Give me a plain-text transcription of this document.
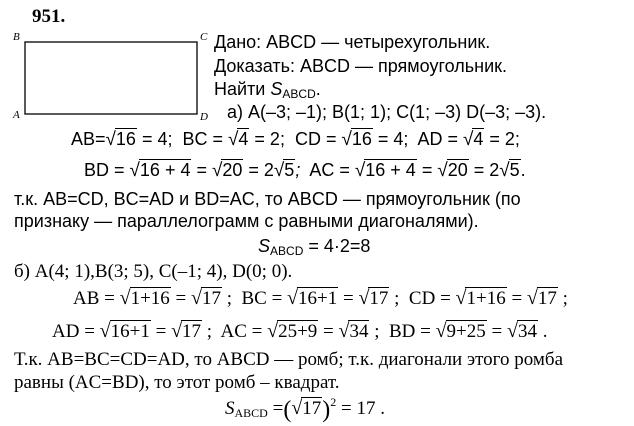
951.
B	C
A	D
Дано: ABCD — четырехугольник.
Доказать: ABCD — прямоугольник.
Найти $S_{ABCD}$.
а) A(–3; –1); B(1; 1); C(1; –3) D(–3; –3).
AB=√16 = 4; BC = √4 = 2; CD = √16 = 4; AD = √4 = 2;
BD = √16 + 4 = √20 = 2√5; AC = √16 + 4 = √20 = 2√5.
т.к. AB=CD, BC=AD и BD=AC, то ABCD — прямоугольник (по
признаку — параллелограмм с равными диагоналями).
SABCD = 4·2=8
б) A(4; 1),B(3; 5), C(–1; 4), D(0; 0).
AB = √1+16 = √17 ; BC = √16+1 = √17 ; CD = √1+16 = √17 ;
AD = √16+1 = √17 ; AC = √25+9 = √34 ; BD = √9+25 = √34 .
Т.к. AB=BC=CD=AD, то ABCD — ромб; т.к. диагонали этого ромба
равны (AC=BD), то этот ромб – квадрат.
SABCD $=(√17)^2 = 17$ .
